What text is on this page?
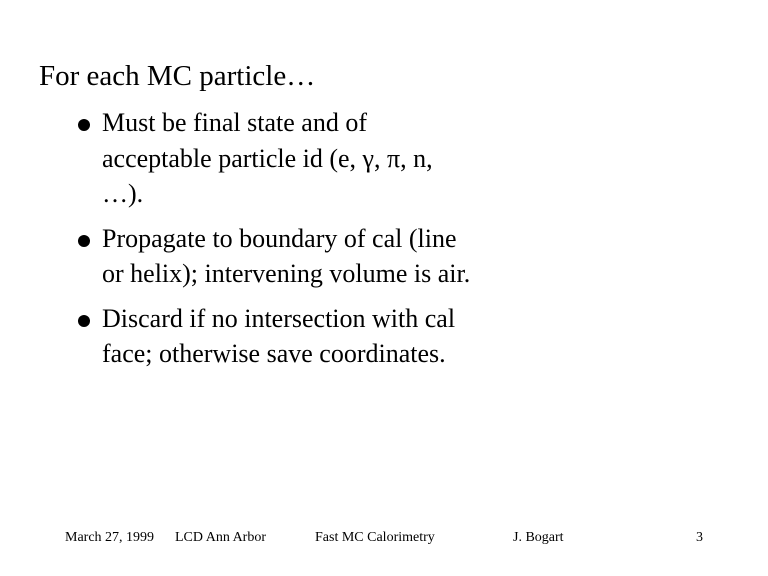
For each MC particle…
Must be final state and of acceptable particle id (e, γ, π, n, …).
Propagate to boundary of cal (line or helix); intervening volume is air.
Discard if no intersection with cal face; otherwise save coordinates.
March 27, 1999 LCD Ann Arbor	Fast MC Calorimetry	J. Bogart	3
